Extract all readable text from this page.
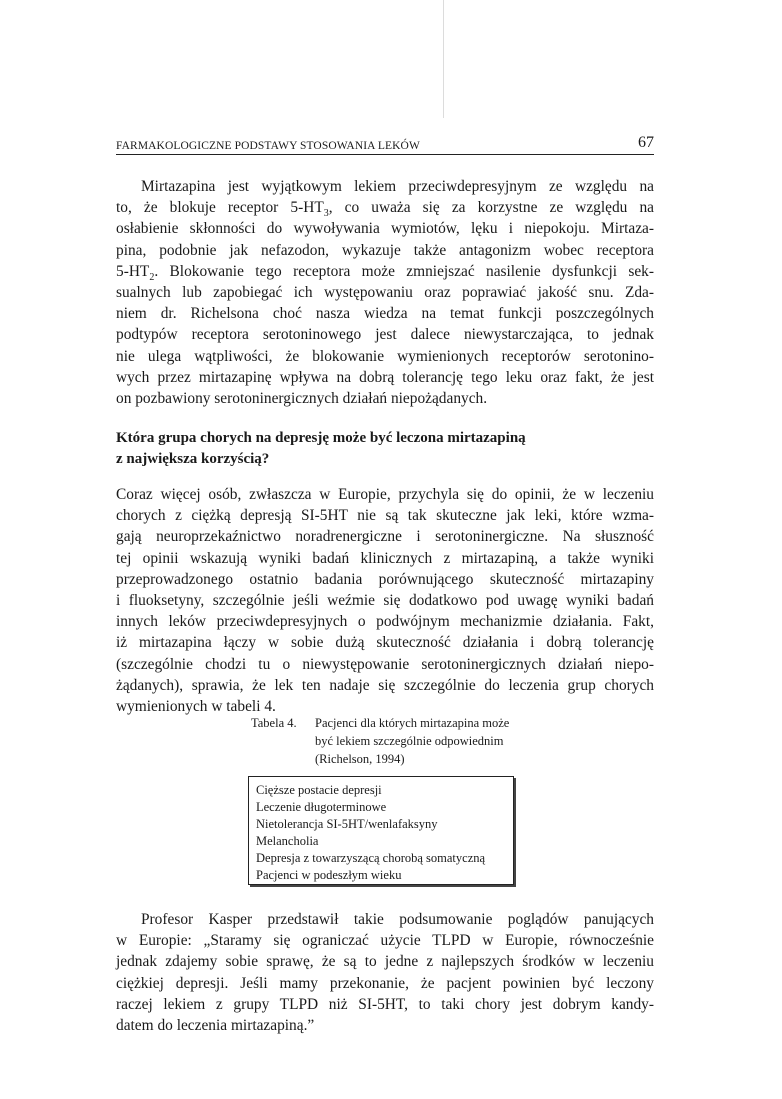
FARMAKOLOGICZNE PODSTAWY STOSOWANIA LEKÓW	67
Mirtazapina jest wyjątkowym lekiem przeciwdepresyjnym ze względu na
to, że blokuje receptor $5-HT_3$, co uważa się za korzystne ze względu na
osłabienie skłonności do wywoływania wymiotów, lęku i niepokoju. Mirtaza-
pina, podobnie jak nefazodon, wykazuje także antagonizm wobec receptora
$5-HT_2$. Blokowanie tego receptora może zmniejszać nasilenie dysfunkcji sek-
sualnych lub zapobiegać ich występowaniu oraz poprawiać jakość snu. Zda-
niem dr. Richelsona choć nasza wiedza na temat funkcji poszczególnych
podtypów receptora serotoninowego jest dalece niewystarczająca, to jednak
nie ulega wątpliwości, że blokowanie wymienionych receptorów serotonino-
wych przez mirtazapinę wpływa na dobrą tolerancję tego leku oraz fakt, że jest
on pozbawiony serotoninergicznych działań niepożądanych.
Która grupa chorych na depresję może być leczona mirtazapiną
z największa korzyścią?
Coraz więcej osób, zwłaszcza w Europie, przychyla się do opinii, że w leczeniu
chorych z ciężką depresją SI-5HT nie są tak skuteczne jak leki, które wzma-
gają neuroprzekaźnictwo noradrenergiczne i serotoninergiczne. Na słuszność
tej opinii wskazują wyniki badań klinicznych z mirtazapiną, a także wyniki
przeprowadzonego ostatnio badania porównującego skuteczność mirtazapiny
i fluoksetyny, szczególnie jeśli weźmie się dodatkowo pod uwagę wyniki badań
innych leków przeciwdepresyjnych o podwójnym mechanizmie działania. Fakt,
iż mirtazapina łączy w sobie dużą skuteczność działania i dobrą tolerancję
(szczególnie chodzi tu o niewystępowanie serotoninergicznych działań niepo-
żądanych), sprawia, że lek ten nadaje się szczególnie do leczenia grup chorych
wymienionych w tabeli 4.
Tabela 4. Pacjenci dla których mirtazapina może
być lekiem szczególnie odpowiednim
(Richelson, 1994)
Cięższe postacie depresji
Leczenie długoterminowe
Nietolerancja SI-5HT/wenlafaksyny
Melancholia
Depresja z towarzyszącą chorobą somatyczną
Pacjenci w podeszłym wieku
Profesor Kasper przedstawił takie podsumowanie poglądów panujących
w Europie: „Staramy się ograniczać użycie TLPD w Europie, równocześnie
jednak zdajemy sobie sprawę, że są to jedne z najlepszych środków w leczeniu
ciężkiej depresji. Jeśli mamy przekonanie, że pacjent powinien być leczony
raczej lekiem z grupy TLPD niż SI-5HT, to taki chory jest dobrym kandy-
datem do leczenia mirtazapiną.”
